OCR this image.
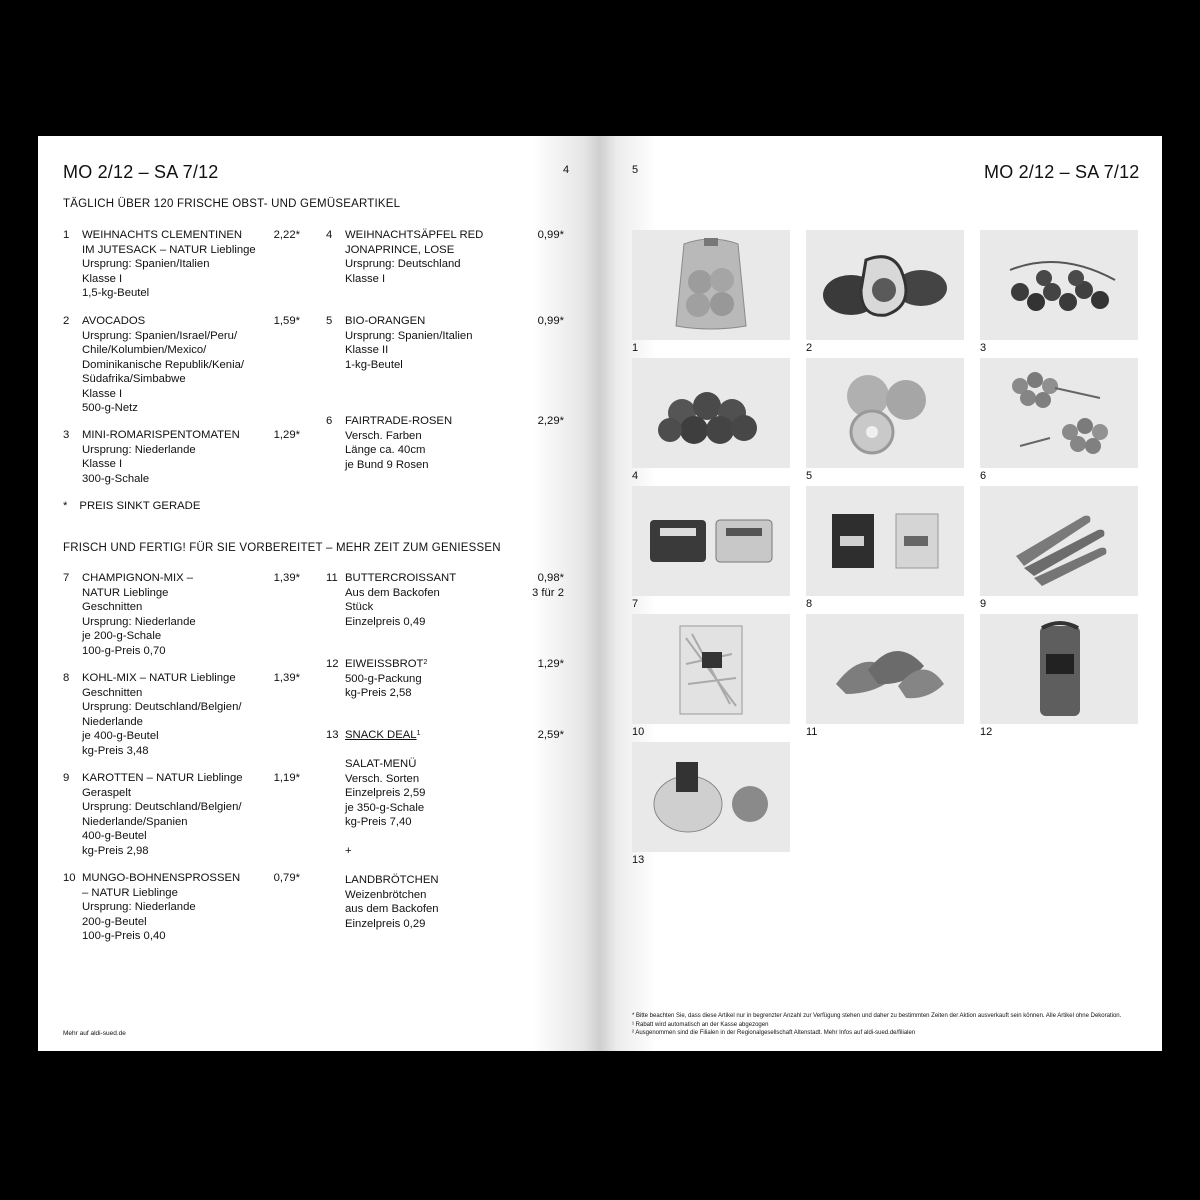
MO 2/12 – SA 7/12	4
TÄGLICH ÜBER 120 FRISCHE OBST- UND GEMÜSEARTIKEL
1 WEIHNACHTS CLEMENTINEN
IM JUTESACK – NATUR Lieblinge
Ursprung: Spanien/Italien
Klasse I
1,5-kg-Beutel
2,22*
2 AVOCADOS
Ursprung: Spanien/Israel/Peru/
Chile/Kolumbien/Mexico/
Dominikanische Republik/Kenia/
Südafrika/Simbabwe
Klasse I
500-g-Netz
1,59*
3 MINI-ROMARISPENTOMATEN
Ursprung: Niederlande
Klasse I
300-g-Schale
1,29*
4 WEIHNACHTSÄPFEL RED
JONAPRINCE, LOSE
Ursprung: Deutschland
Klasse I
0,99*
5 BIO-ORANGEN
Ursprung: Spanien/Italien
Klasse II
1-kg-Beutel
0,99*
6 FAIRTRADE-ROSEN
Versch. Farben
Länge ca. 40cm
je Bund 9 Rosen
2,29*
* PREIS SINKT GERADE
FRISCH UND FERTIG! FÜR SIE VORBEREITET – MEHR ZEIT ZUM GENIESSEN
7 CHAMPIGNON-MIX –
NATUR Lieblinge
Geschnitten
Ursprung: Niederlande
je 200-g-Schale
100-g-Preis 0,70
1,39*
8 KOHL-MIX – NATUR Lieblinge
Geschnitten
Ursprung: Deutschland/Belgien/
Niederlande
je 400-g-Beutel
kg-Preis 3,48
1,39*
9 KAROTTEN – NATUR Lieblinge
Geraspelt
Ursprung: Deutschland/Belgien/
Niederlande/Spanien
400-g-Beutel
kg-Preis 2,98
1,19*
10 MUNGO-BOHNENSPROSSEN
– NATUR Lieblinge
Ursprung: Niederlande
200-g-Beutel
100-g-Preis 0,40
0,79*
11 BUTTERCROISSANT
Aus dem Backofen
Stück
Einzelpreis 0,49
0,98*
3 für 2
12 EIWEISSBROT$^2$
500-g-Packung
kg-Preis 2,58
1,29*
13 SNACK DEAL$^1$
SALAT-MENÜ
Versch. Sorten
Einzelpreis 2,59
je 350-g-Schale
kg-Preis 7,40
+
LANDBRÖTCHEN
Weizenbrötchen
aus dem Backofen
Einzelpreis 0,29
2,59*
Mehr auf aldi-sued.de
5	MO 2/12 – SA 7/12
1	2	3
4	5	6
7	8	9
10	11	12
13
* Bitte beachten Sie, dass diese Artikel nur in begrenzter Anzahl zur Verfügung stehen und daher zu bestimmten Zeiten der Aktion ausverkauft sein können. Alle Artikel ohne Dekoration.
¹ Rabatt wird automatisch an der Kasse abgezogen
² Ausgenommen sind die Filialen in der Regionalgesellschaft Altenstadt. Mehr Infos auf aldi-sued.de/filialen
